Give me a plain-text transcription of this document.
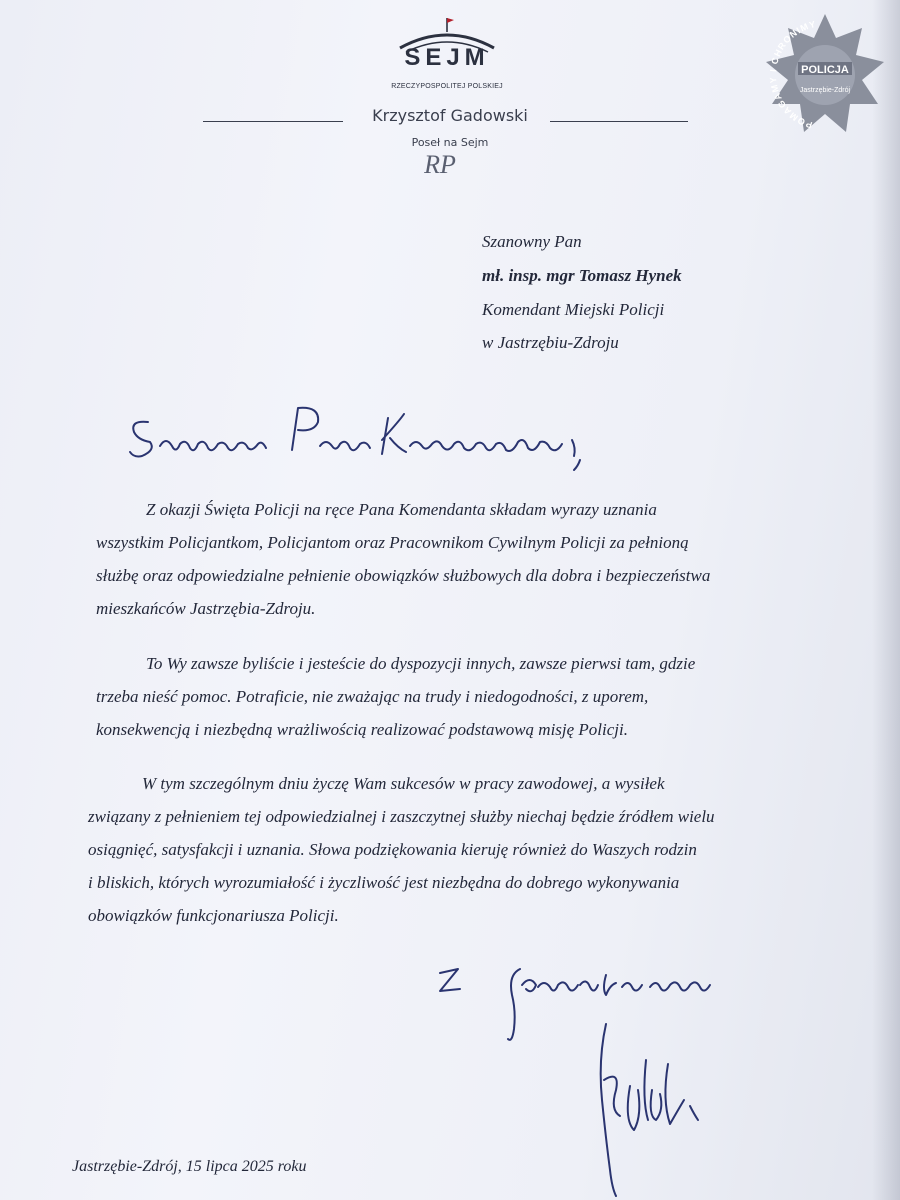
SEJM
RZECZYPOSPOLITEJ POLSKIEJ
Krzysztof Gadowski
Poseł na Sejm
RP
POLICJA
Jastrzębie-Zdrój
POMAGAMY I CHRONIMY
Szanowny Pan
mł. insp. mgr Tomasz Hynek
Komendant Miejski Policji
w Jastrzębiu-Zdroju
Z okazji Święta Policji na ręce Pana Komendanta składam wyrazy uznania
wszystkim Policjantkom, Policjantom oraz Pracownikom Cywilnym Policji za pełnioną
służbę oraz odpowiedzialne pełnienie obowiązków służbowych dla dobra i bezpieczeństwa
mieszkańców Jastrzębia-Zdroju.
To Wy zawsze byliście i jesteście do dyspozycji innych, zawsze pierwsi tam, gdzie
trzeba nieść pomoc. Potraficie, nie zważając na trudy i niedogodności, z uporem,
konsekwencją i niezbędną wrażliwością realizować podstawową misję Policji.
W tym szczególnym dniu życzę Wam sukcesów w pracy zawodowej, a wysiłek
związany z pełnieniem tej odpowiedzialnej i zaszczytnej służby niechaj będzie źródłem wielu
osiągnięć, satysfakcji i uznania. Słowa podziękowania kieruję również do Waszych rodzin
i bliskich, których wyrozumiałość i życzliwość jest niezbędna do dobrego wykonywania
obowiązków funkcjonariusza Policji.
Jastrzębie-Zdrój, 15 lipca 2025 roku
